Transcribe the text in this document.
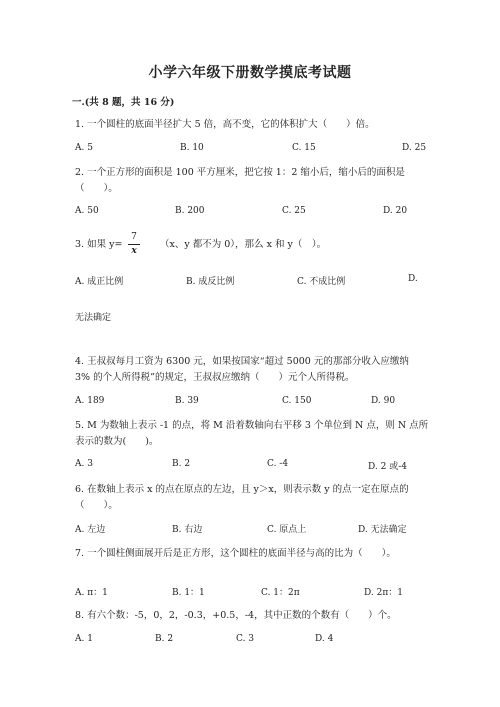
小学六年级下册数学摸底考试题
一.(共 8 题，共 16 分)
1. 一个圆柱的底面半径扩大 5 倍，高不变，它的体积扩大（　　）倍。
A. 5	B. 10	C. 15	D. 25
2. 一个正方形的面积是 100 平方厘米，把它按 1：2 缩小后，缩小后的面积是
（　　）。
A. 50	B. 200	C. 25	D. 20
3. 如果 y=
7
x
（x、y 都不为 0），那么 x 和 y（　）。
A. 成正比例	B. 成反比例	C. 不成比例	D.
无法确定
4. 王叔叔每月工资为 6300 元，如果按国家“超过 5000 元的那部分收入应缴纳
3% 的个人所得税”的规定，王叔叔应缴纳（　　）元个人所得税。
A. 189	B. 39	C. 150	D. 90
5. M 为数轴上表示 -1 的点，将 M 沿着数轴向右平移 3 个单位到 N 点，则 N 点所
表示的数为(　　)。
A. 3	B. 2	C. -4	D. 2 或-4
6. 在数轴上表示 x 的点在原点的左边，且 y＞x，则表示数 y 的点一定在原点的
（　　）。
A. 左边	B. 右边	C. 原点上	D. 无法确定
7. 一个圆柱侧面展开后是正方形，这个圆柱的底面半径与高的比为（　　）。
A. π：1	B. 1：1	C. 1：2π	D. 2π：1
8. 有六个数：-5，0，2，-0.3，+0.5，-4，其中正数的个数有（　　）个。
A. 1	B. 2	C. 3	D. 4
